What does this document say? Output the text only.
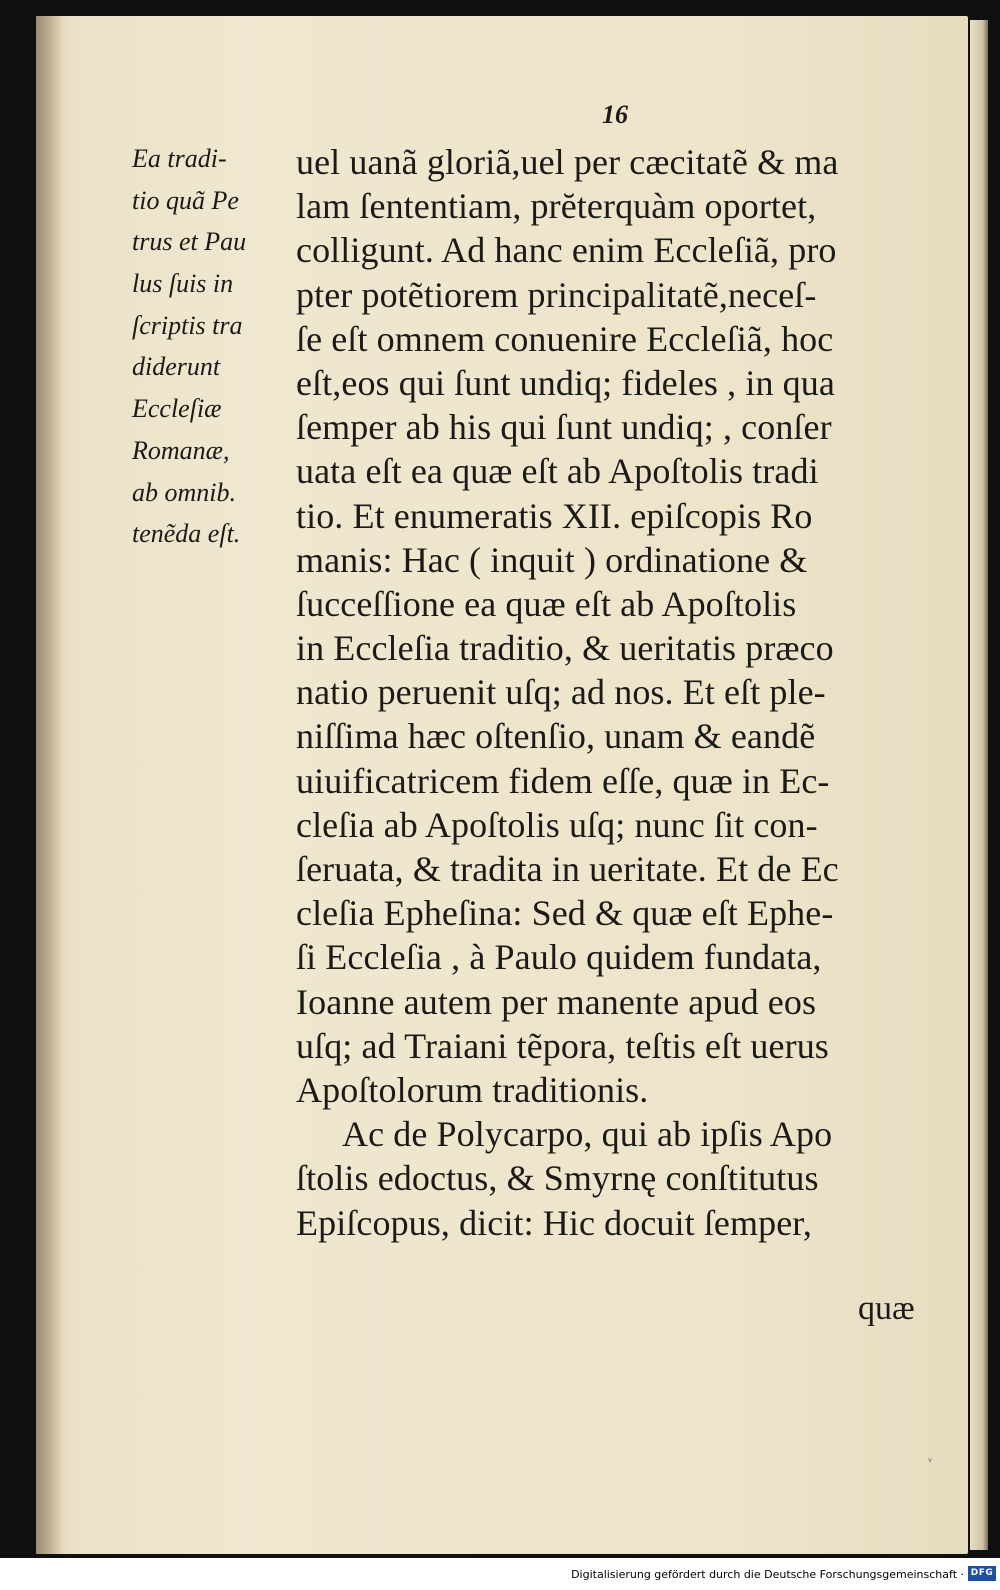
16
Ea tradi-
tio quã Pe
trus et Pau
lus ſuis in
ſcriptis tra
diderunt
Eccleſiæ
Romanæ,
ab omnib.
tenẽda eſt.
uel uanã gloriã,uel per cæcitatẽ & ma
lam ſententiam, prĕterquàm oportet,
colligunt. Ad hanc enim Eccleſiã, pro
pter potẽtiorem principalitatẽ,neceſ-
ſe eſt omnem conuenire Eccleſiã, hoc
eſt,eos qui ſunt undiq; fideles , in qua
ſemper ab his qui ſunt undiq; , conſer
uata eſt ea quæ eſt ab Apoſtolis tradi
tio. Et enumeratis XII. epiſcopis Ro
manis: Hac ( inquit ) ordinatione &
ſucceſſione ea quæ eſt ab Apoſtolis
in Eccleſia traditio, & ueritatis præco
natio peruenit uſq; ad nos. Et eſt ple-
niſſima hæc oſtenſio, unam & eandẽ
uiuificatricem fidem eſſe, quæ in Ec-
cleſia ab Apoſtolis uſq; nunc ſit con-
ſeruata, & tradita in ueritate. Et de Ec
cleſia Epheſina: Sed & quæ eſt Ephe-
ſi Eccleſia , à Paulo quidem fundata,
Ioanne autem per manente apud eos
uſq; ad Traiani tẽpora, teſtis eſt uerus
Apoſtolorum traditionis.
Ac de Polycarpo, qui ab ipſis Apo
ſtolis edoctus, & Smyrnę conſtitutus
Epiſcopus, dicit: Hic docuit ſemper,
quæ
ᵥ
Digitalisierung gefördert durch die Deutsche Forschungsgemeinschaft · DFG
